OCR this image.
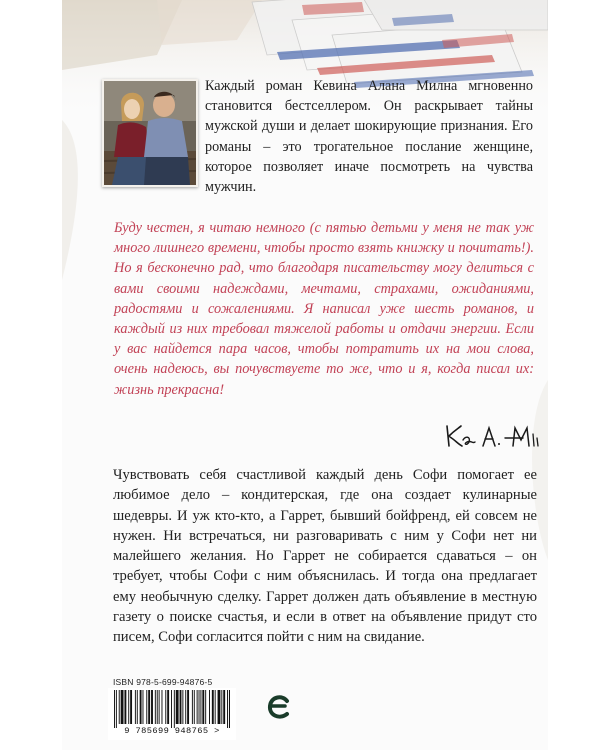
Каждый роман Кевина Алана Милна мгновенно становится бестселлером. Он раскрывает тайны мужской души и делает шокирующие признания. Его романы – это трогательное послание женщине, которое позволяет иначе посмотреть на чувства мужчин.

Буду честен, я читаю немного (с пятью детьми у меня не так уж много лишнего времени, чтобы просто взять книжку и почитать!). Но я бесконечно рад, что благодаря писательству могу делиться с вами своими надеждами, мечтами, страхами, ожиданиями, радостями и сожалениями. Я написал уже шесть романов, и каждый из них требовал тяжелой работы и отдачи энергии. Если у вас найдется пара часов, чтобы потратить их на мои слова, очень надеюсь, вы почувствуете то же, что и я, когда писал их: жизнь прекрасна!

Чувствовать себя счастливой каждый день Софи помогает ее любимое дело – кондитерская, где она создает кулинарные шедевры. И уж кто-кто, а Гаррет, бывший бойфренд, ей совсем не нужен. Ни встречаться, ни разговаривать с ним у Софи нет ни малейшего желания. Но Гаррет не собирается сдаваться – он требует, чтобы Софи с ним объяснилась. И тогда она предлагает ему необычную сделку. Гаррет должен дать объявление в местную газету о поиске счастья, и если в ответ на объявление придут сто писем, Софи согласится пойти с ним на свидание.

ISBN 978-5-699-94876-5
9 785699 948765 >
